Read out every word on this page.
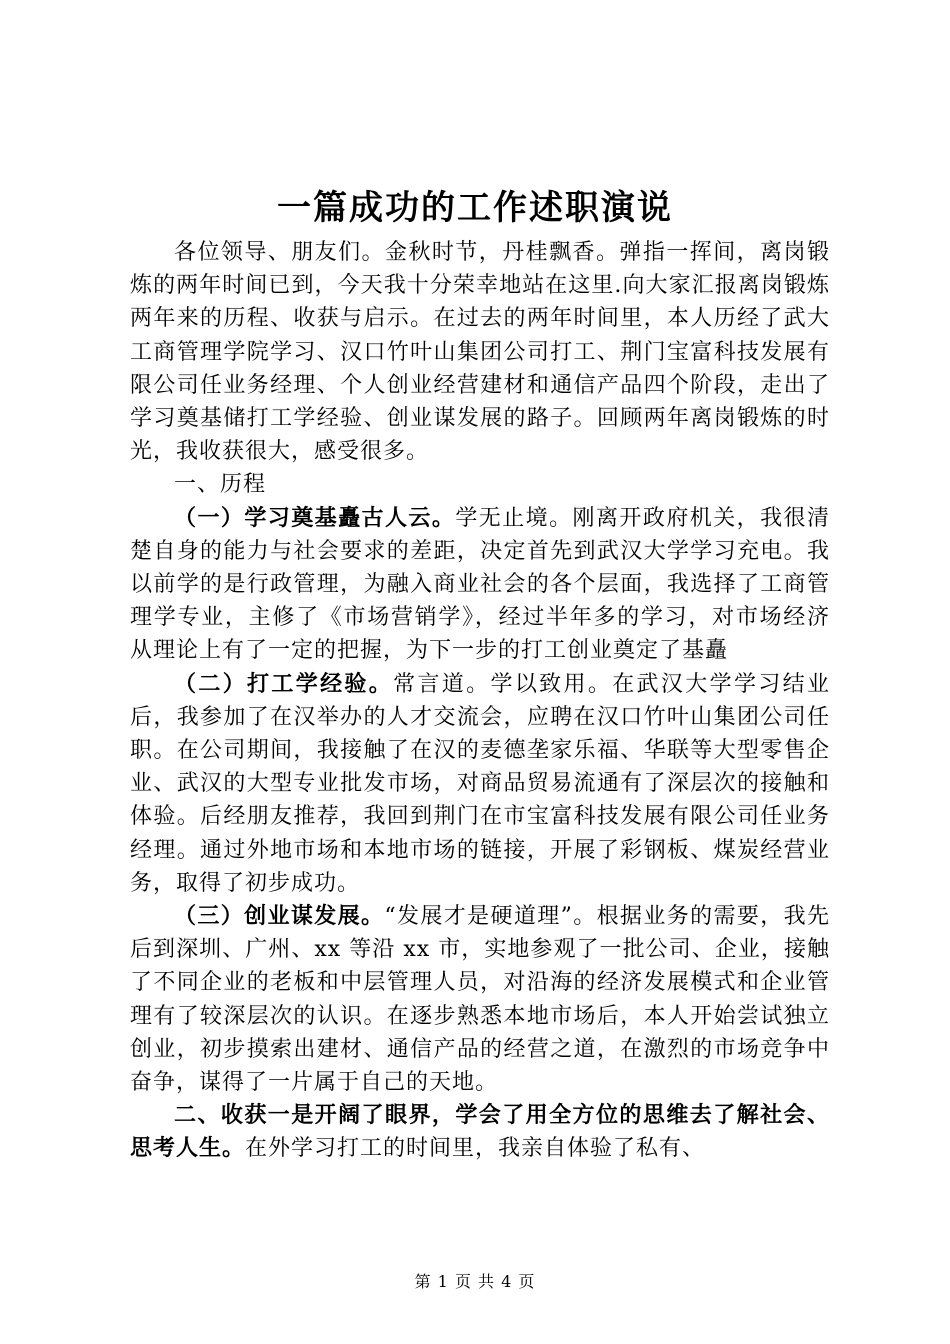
一篇成功的工作述职演说

各位领导、朋友们。金秋时节，丹桂飘香。弹指一挥间，离岗锻炼的两年时间已到，今天我十分荣幸地站在这里.向大家汇报离岗锻炼两年来的历程、收获与启示。在过去的两年时间里，本人历经了武大工商管理学院学习、汉口竹叶山集团公司打工、荆门宝富科技发展有限公司任业务经理、个人创业经营建材和通信产品四个阶段，走出了学习奠基储打工学经验、创业谋发展的路子。回顾两年离岗锻炼的时光，我收获很大，感受很多。

一、历程

（一）学习奠基矗古人云。学无止境。刚离开政府机关，我很清楚自身的能力与社会要求的差距，决定首先到武汉大学学习充电。我以前学的是行政管理，为融入商业社会的各个层面，我选择了工商管理学专业，主修了《市场营销学》，经过半年多的学习，对市场经济从理论上有了一定的把握，为下一步的打工创业奠定了基矗

（二）打工学经验。常言道。学以致用。在武汉大学学习结业后，我参加了在汉举办的人才交流会，应聘在汉口竹叶山集团公司任职。在公司期间，我接触了在汉的麦德垄家乐福、华联等大型零售企业、武汉的大型专业批发市场，对商品贸易流通有了深层次的接触和体验。后经朋友推荐，我回到荆门在市宝富科技发展有限公司任业务经理。通过外地市场和本地市场的链接，开展了彩钢板、煤炭经营业务，取得了初步成功。

（三）创业谋发展。“发展才是硬道理”。根据业务的需要，我先后到深圳、广州、xx 等沿 xx 市，实地参观了一批公司、企业，接触了不同企业的老板和中层管理人员，对沿海的经济发展模式和企业管理有了较深层次的认识。在逐步熟悉本地市场后，本人开始尝试独立创业，初步摸索出建材、通信产品的经营之道，在激烈的市场竞争中奋争，谋得了一片属于自己的天地。

二、收获一是开阔了眼界，学会了用全方位的思维去了解社会、思考人生。在外学习打工的时间里，我亲自体验了私有、

第 1 页 共 4 页
